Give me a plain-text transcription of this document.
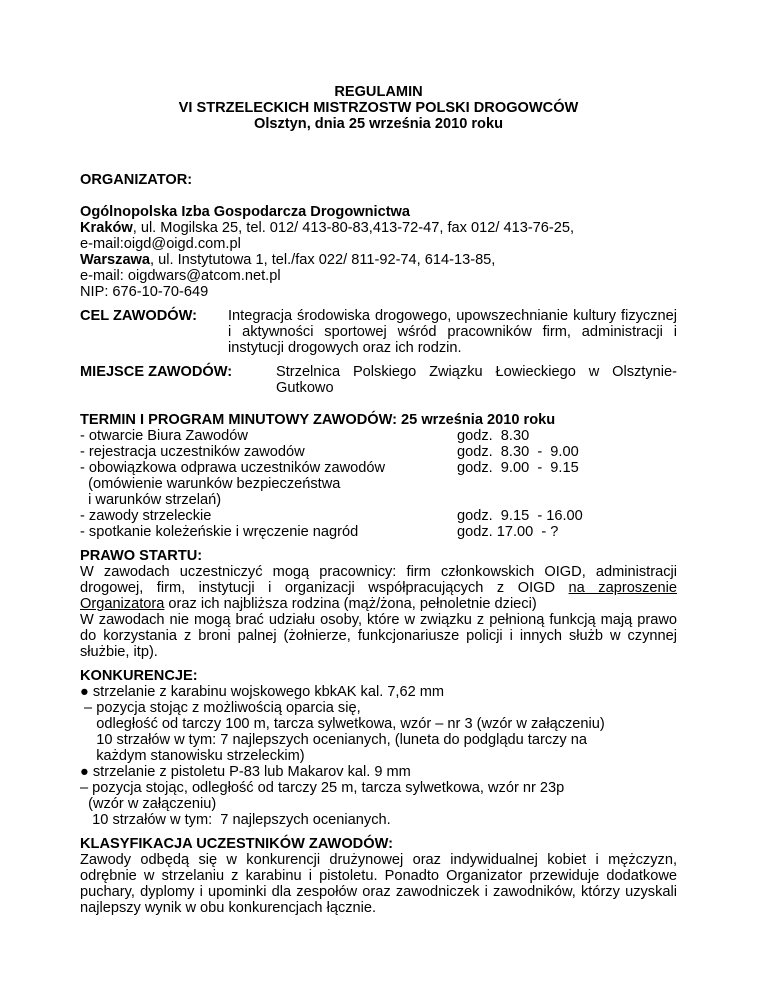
REGULAMIN
VI STRZELECKICH MISTRZOSTW POLSKI DROGOWCÓW
Olsztyn, dnia 25 września 2010 roku
ORGANIZATOR:
Ogólnopolska Izba Gospodarcza Drogownictwa
Kraków, ul. Mogilska 25, tel. 012/ 413-80-83,413-72-47, fax 012/ 413-76-25,
e-mail:oigd@oigd.com.pl
Warszawa, ul. Instytutowa 1, tel./fax 022/ 811-92-74, 614-13-85,
e-mail: oigdwars@atcom.net.pl
NIP: 676-10-70-649
CEL ZAWODÓW:	Integracja środowiska drogowego, upowszechnianie kultury fizycznej i aktywności sportowej wśród pracowników firm, administracji i instytucji drogowych oraz ich rodzin.
MIEJSCE ZAWODÓW:	Strzelnica Polskiego Związku Łowieckiego w Olsztynie-Gutkowo
TERMIN I PROGRAM MINUTOWY ZAWODÓW: 25 września 2010 roku
- otwarcie Biura Zawodów	godz.  8.30
- rejestracja uczestników zawodów	godz.  8.30  -  9.00
- obowiązkowa odprawa uczestników zawodów	godz.  9.00  -  9.15
(omówienie warunków bezpieczeństwa
i warunków strzelań)
- zawody strzeleckie	godz.  9.15  - 16.00
- spotkanie koleżeńskie i wręczenie nagród	godz. 17.00  - ?
PRAWO STARTU:
W zawodach uczestniczyć mogą pracownicy: firm członkowskich OIGD, administracji drogowej, firm, instytucji i organizacji współpracujących z OIGD na zaproszenie Organizatora oraz ich najbliższa rodzina (mąż/żona, pełnoletnie dzieci)
W zawodach nie mogą brać udziału osoby, które w związku z pełnioną funkcją mają prawo do korzystania z broni palnej (żołnierze, funkcjonariusze policji i innych służb w czynnej służbie, itp).
KONKURENCJE:
● strzelanie z karabinu wojskowego kbkAK kal. 7,62 mm
– pozycja stojąc z możliwością oparcia się,
odległość od tarczy 100 m, tarcza sylwetkowa, wzór – nr 3 (wzór w załączeniu)
10 strzałów w tym: 7 najlepszych ocenianych, (luneta do podglądu tarczy na
każdym stanowisku strzeleckim)
● strzelanie z pistoletu P-83 lub Makarov kal. 9 mm
– pozycja stojąc, odległość od tarczy 25 m, tarcza sylwetkowa, wzór nr 23p
(wzór w załączeniu)
10 strzałów w tym:  7 najlepszych ocenianych.
KLASYFIKACJA UCZESTNIKÓW ZAWODÓW:
Zawody odbędą się w konkurencji drużynowej oraz indywidualnej kobiet i mężczyzn, odrębnie w strzelaniu z karabinu i pistoletu. Ponadto Organizator przewiduje dodatkowe puchary, dyplomy i upominki dla zespołów oraz zawodniczek i zawodników, którzy uzyskali najlepszy wynik w obu konkurencjach łącznie.
